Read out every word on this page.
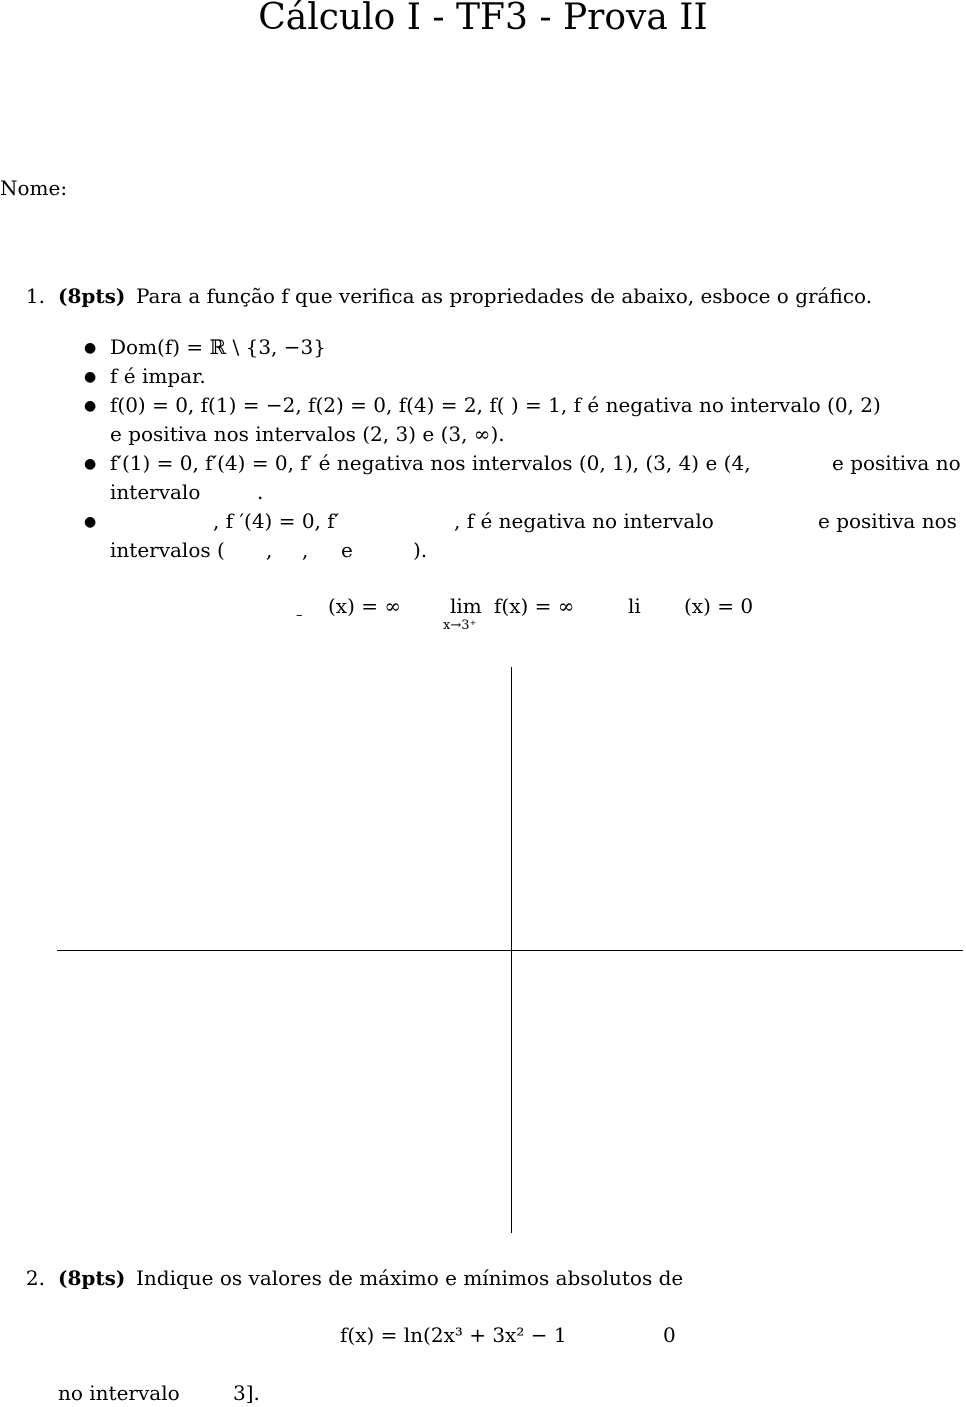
Cálculo I - TF3 - Prova II
Nome:
1. (8pts) Para a função f que verifica as propriedades de abaixo, esboce o gráfico.
● Dom(f) = ℝ \ {3, −3}
● f é impar.
● f(0) = 0, f(1) = −2, f(2) = 0, f(4) = 2, f( ) = 1, f é negativa no intervalo (0, 2)
e positiva nos intervalos (2, 3) e (3, ∞).
● f′(1) = 0, f′(4) = 0, f′ é negativa nos intervalos (0, 1), (3, 4) e (4,	e positiva no
intervalo	.
●	, f ′(4) = 0, f′	, f é negativa no intervalo	e positiva nos
intervalos ( , , e	).
– (x) = ∞ lim
x→3⁺
f(x) = ∞	li (x) = 0
2. (8pts) Indique os valores de máximo e mínimos absolutos de
f(x) = ln(2x³ + 3x² − 1	0
no intervalo	3].
